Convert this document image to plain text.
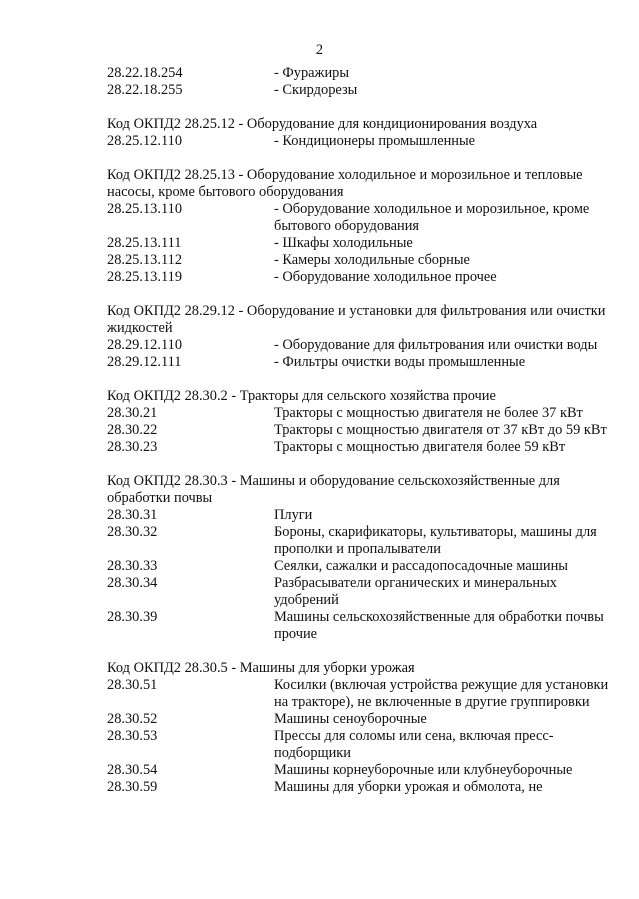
2
28.22.18.254	- Фуражиры
28.22.18.255	- Скирдорезы
Код ОКПД2 28.25.12 - Оборудование для кондиционирования воздуха
28.25.12.110	- Кондиционеры промышленные
Код ОКПД2 28.25.13 - Оборудование холодильное и морозильное и тепловые насосы, кроме бытового оборудования
28.25.13.110	- Оборудование холодильное и морозильное, кроме бытового оборудования
28.25.13.111	- Шкафы холодильные
28.25.13.112	- Камеры холодильные сборные
28.25.13.119	- Оборудование холодильное прочее
Код ОКПД2 28.29.12 - Оборудование и установки для фильтрования или очистки жидкостей
28.29.12.110	- Оборудование для фильтрования или очистки воды
28.29.12.111	- Фильтры очистки воды промышленные
Код ОКПД2 28.30.2 - Тракторы для сельского хозяйства прочие
28.30.21	Тракторы с мощностью двигателя не более 37 кВт
28.30.22	Тракторы с мощностью двигателя от 37 кВт до 59 кВт
28.30.23	Тракторы с мощностью двигателя более 59 кВт
Код ОКПД2 28.30.3 - Машины и оборудование сельскохозяйственные для обработки почвы
28.30.31	Плуги
28.30.32	Бороны, скарификаторы, культиваторы, машины для прополки и пропалыватели
28.30.33	Сеялки, сажалки и рассадопосадочные машины
28.30.34	Разбрасыватели органических и минеральных удобрений
28.30.39	Машины сельскохозяйственные для обработки почвы прочие
Код ОКПД2 28.30.5 - Машины для уборки урожая
28.30.51	Косилки (включая устройства режущие для установки на тракторе), не включенные в другие группировки
28.30.52	Машины сеноуборочные
28.30.53	Прессы для соломы или сена, включая пресс-подборщики
28.30.54	Машины корнеуборочные или клубнеуборочные
28.30.59	Машины для уборки урожая и обмолота, не
